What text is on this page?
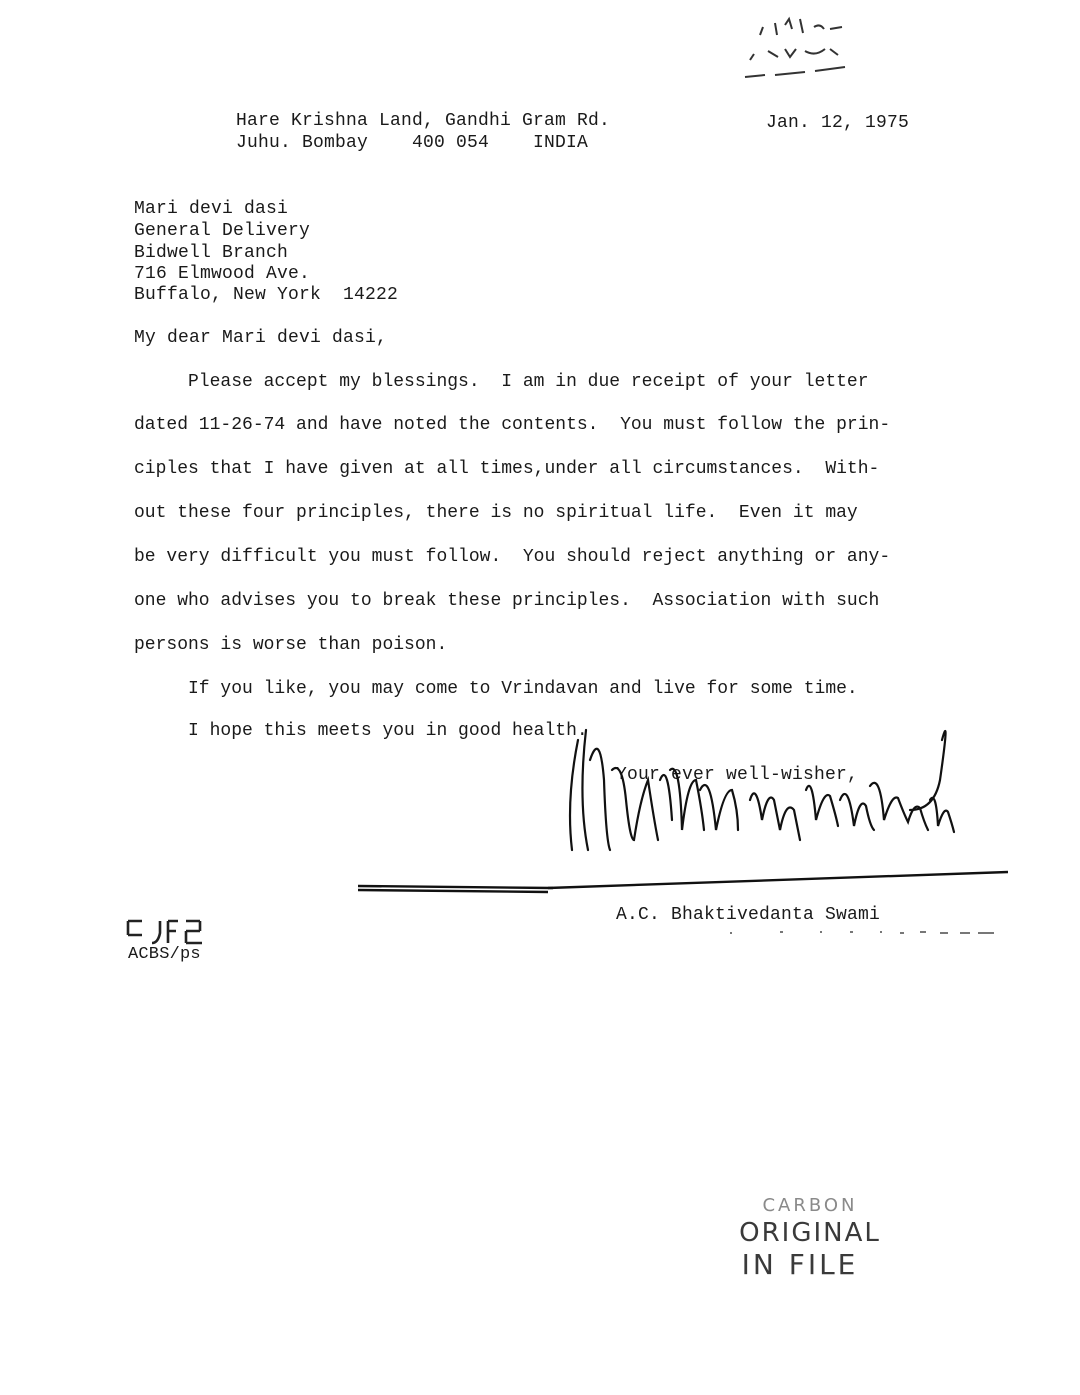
Hare Krishna Land, Gandhi Gram Rd.
Juhu. Bombay    400 054    INDIA
Jan. 12, 1975
Mari devi dasi
General Delivery
Bidwell Branch
716 Elmwood Ave.
Buffalo, New York  14222
My dear Mari devi dasi,
Please accept my blessings.  I am in due receipt of your letter
dated 11-26-74 and have noted the contents.  You must follow the prin-
ciples that I have given at all times,under all circumstances.  With-
out these four principles, there is no spiritual life.  Even it may
be very difficult you must follow.  You should reject anything or any-
one who advises you to break these principles.  Association with such
persons is worse than poison.
If you like, you may come to Vrindavan and live for some time.
I hope this meets you in good health.
Your ever well-wisher,
A.C. Bhaktivedanta Swami
ACBS/ps
CARBON
ORIGINAL
IN FILE
